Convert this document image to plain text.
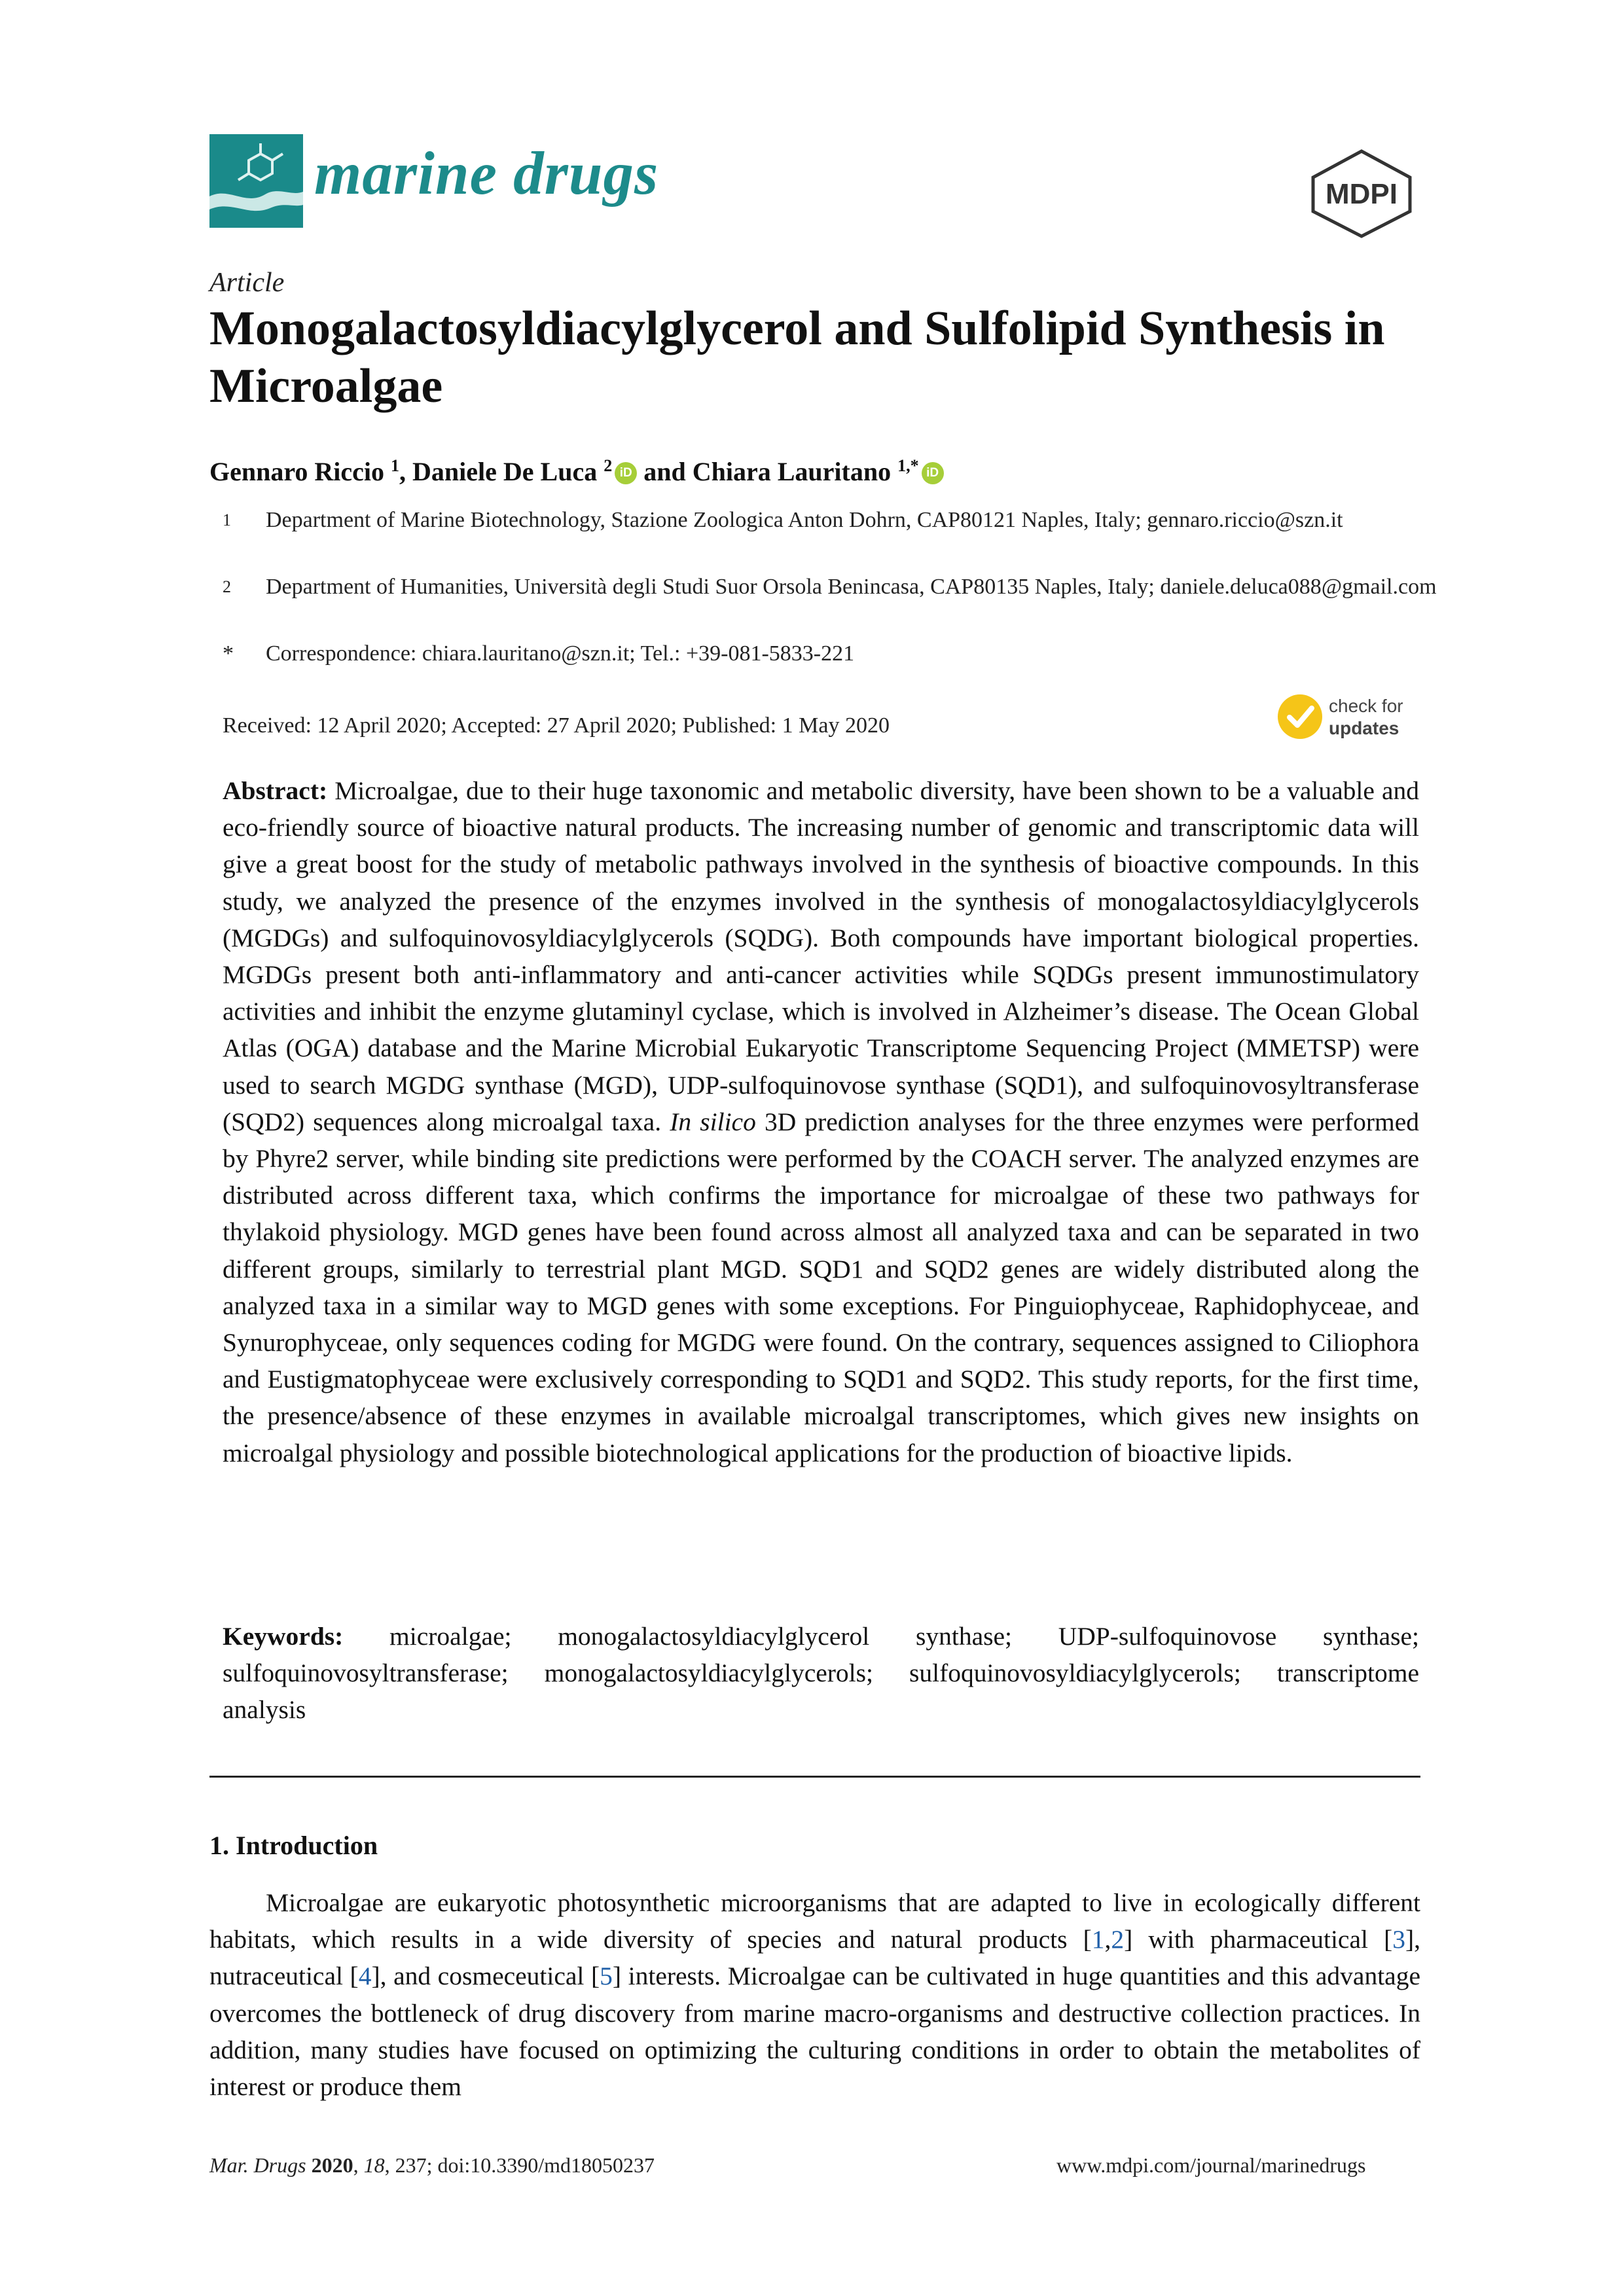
marine drugs	MDPI
Article
Monogalactosyldiacylglycerol and Sulfolipid Synthesis in Microalgae
Gennaro Riccio $^1$, Daniele De Luca $^2$ iD and Chiara Lauritano $^{1,*}$ iD
1 Department of Marine Biotechnology, Stazione Zoologica Anton Dohrn, CAP80121 Naples, Italy; gennaro.riccio@szn.it
2 Department of Humanities, Università degli Studi Suor Orsola Benincasa, CAP80135 Naples, Italy; daniele.deluca088@gmail.com
* Correspondence: chiara.lauritano@szn.it; Tel.: +39-081-5833-221
Received: 12 April 2020; Accepted: 27 April 2020; Published: 1 May 2020
check for
updates
Abstract: Microalgae, due to their huge taxonomic and metabolic diversity, have been shown to be a valuable and eco-friendly source of bioactive natural products. The increasing number of genomic and transcriptomic data will give a great boost for the study of metabolic pathways involved in the synthesis of bioactive compounds. In this study, we analyzed the presence of the enzymes involved in the synthesis of monogalactosyldiacylglycerols (MGDGs) and sulfoquinovosyldiacylglycerols (SQDG). Both compounds have important biological properties. MGDGs present both anti-inflammatory and anti-cancer activities while SQDGs present immunostimulatory activities and inhibit the enzyme glutaminyl cyclase, which is involved in Alzheimer’s disease. The Ocean Global Atlas (OGA) database and the Marine Microbial Eukaryotic Transcriptome Sequencing Project (MMETSP) were used to search MGDG synthase (MGD), UDP-sulfoquinovose synthase (SQD1), and sulfoquinovosyltransferase (SQD2) sequences along microalgal taxa. In silico 3D prediction analyses for the three enzymes were performed by Phyre2 server, while binding site predictions were performed by the COACH server. The analyzed enzymes are distributed across different taxa, which confirms the importance for microalgae of these two pathways for thylakoid physiology. MGD genes have been found across almost all analyzed taxa and can be separated in two different groups, similarly to terrestrial plant MGD. SQD1 and SQD2 genes are widely distributed along the analyzed taxa in a similar way to MGD genes with some exceptions. For Pinguiophyceae, Raphidophyceae, and Synurophyceae, only sequences coding for MGDG were found. On the contrary, sequences assigned to Ciliophora and Eustigmatophyceae were exclusively corresponding to SQD1 and SQD2. This study reports, for the first time, the presence/absence of these enzymes in available microalgal transcriptomes, which gives new insights on microalgal physiology and possible biotechnological applications for the production of bioactive lipids.
Keywords: microalgae; monogalactosyldiacylglycerol synthase; UDP-sulfoquinovose synthase; sulfoquinovosyltransferase; monogalactosyldiacylglycerols; sulfoquinovosyldiacylglycerols; transcriptome analysis
1. Introduction
Microalgae are eukaryotic photosynthetic microorganisms that are adapted to live in ecologically different habitats, which results in a wide diversity of species and natural products [1,2] with pharmaceutical [3], nutraceutical [4], and cosmeceutical [5] interests. Microalgae can be cultivated in huge quantities and this advantage overcomes the bottleneck of drug discovery from marine macro-organisms and destructive collection practices. In addition, many studies have focused on optimizing the culturing conditions in order to obtain the metabolites of interest or produce them
Mar. Drugs 2020, 18, 237; doi:10.3390/md18050237	www.mdpi.com/journal/marinedrugs
